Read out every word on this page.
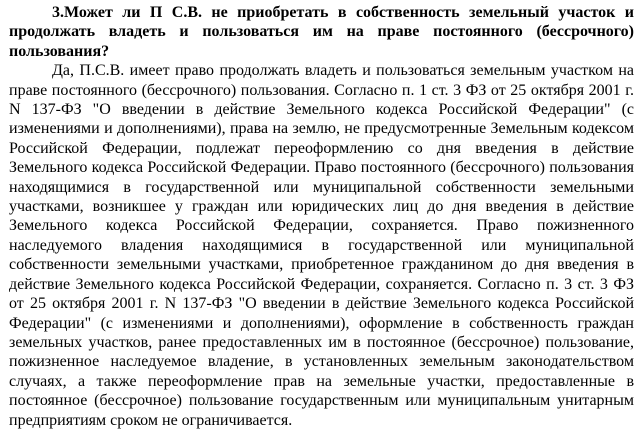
3.Может ли П С.В. не приобретать в собственность земельный участок и продолжать владеть и пользоваться им на праве постоянного (бессрочного) пользования?

Да, П.С.В. имеет право продолжать владеть и пользоваться земельным участком на праве постоянного (бессрочного) пользования. Согласно п. 1 ст. 3 ФЗ от 25 октября 2001 г. N 137-ФЗ "О введении в действие Земельного кодекса Российской Федерации" (с изменениями и дополнениями), права на землю, не предусмотренные Земельным кодексом Российской Федерации, подлежат переоформлению со дня введения в действие Земельного кодекса Российской Федерации. Право постоянного (бессрочного) пользования находящимися в государственной или муниципальной собственности земельными участками, возникшее у граждан или юридических лиц до дня введения в действие Земельного кодекса Российской Федерации, сохраняется. Право пожизненного наследуемого владения находящимися в государственной или муниципальной собственности земельными участками, приобретенное гражданином до дня введения в действие Земельного кодекса Российской Федерации, сохраняется. Согласно п. 3 ст. 3 ФЗ от 25 октября 2001 г. N 137-ФЗ "О введении в действие Земельного кодекса Российской Федерации" (с изменениями и дополнениями), оформление в собственность граждан земельных участков, ранее предоставленных им в постоянное (бессрочное) пользование, пожизненное наследуемое владение, в установленных земельным законодательством случаях, а также переоформление прав на земельные участки, предоставленные в постоянное (бессрочное) пользование государственным или муниципальным унитарным предприятиям сроком не ограничивается.
